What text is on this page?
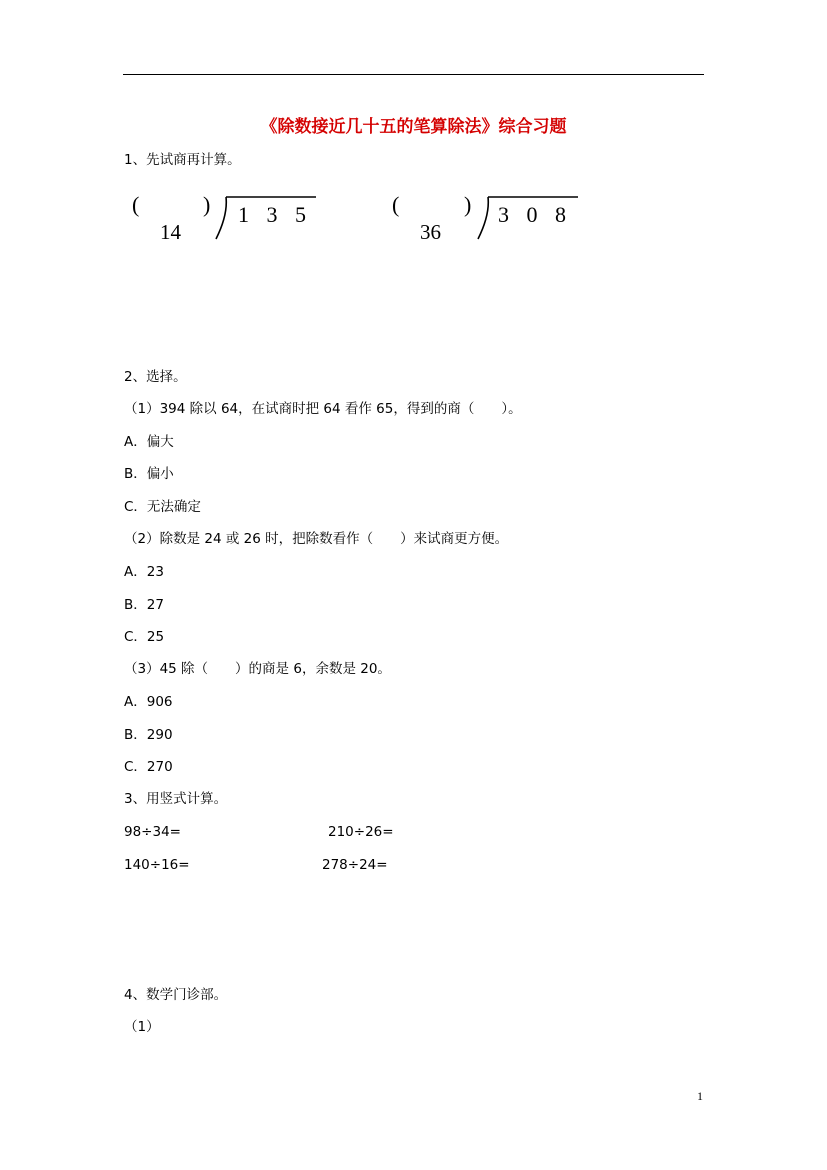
《除数接近几十五的笔算除法》综合习题
1、先试商再计算。
(
14
) 1 3 5	(
36
) 3 0 8
2、选择。
（1）394 除以 64，在试商时把 64 看作 65，得到的商（　　）。
A．偏大
B．偏小
C．无法确定
（2）除数是 24 或 26 时，把除数看作（　　）来试商更方便。
A．23
B．27
C．25
（3）45 除（　　）的商是 6，余数是 20。
A．906
B．290
C．270
3、用竖式计算。
98÷34=	210÷26=
140÷16=	278÷24=
4、数学门诊部。
（1）
1
